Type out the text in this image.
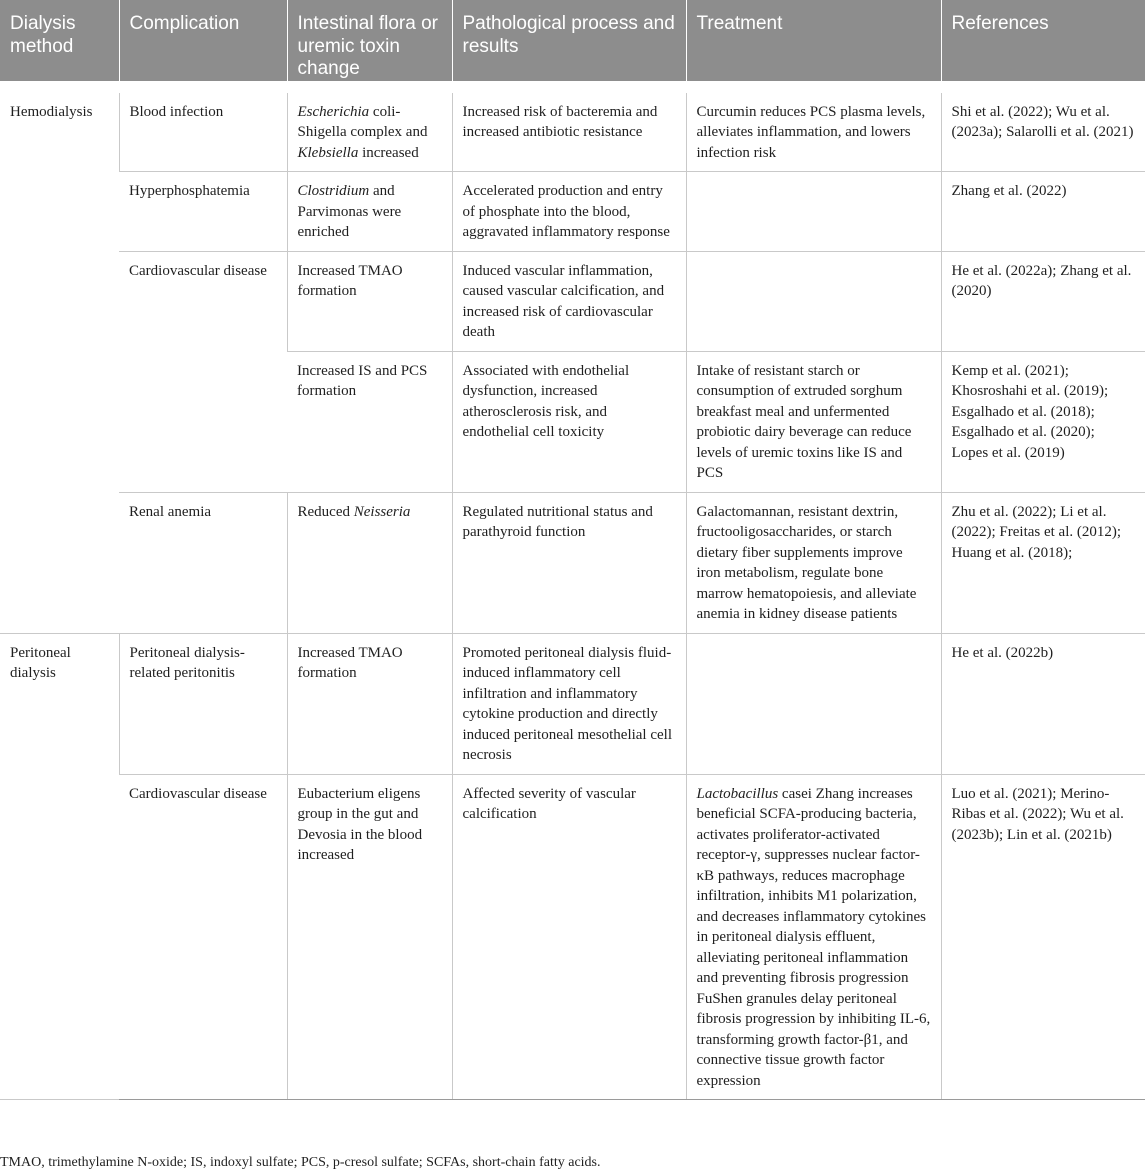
Dialysis method	Complication	Intestinal flora or uremic toxin change	Pathological process and results	Treatment	References

Hemodialysis	Blood infection	Escherichia coli-Shigella complex and Klebsiella increased	Increased risk of bacteremia and increased antibiotic resistance	Curcumin reduces PCS plasma levels, alleviates inflammation, and lowers infection risk	Shi et al. (2022); Wu et al. (2023a); Salarolli et al. (2021)
	Hyperphosphatemia	Clostridium and Parvimonas were enriched	Accelerated production and entry of phosphate into the blood, aggravated inflammatory response		Zhang et al. (2022)
	Cardiovascular disease	Increased TMAO formation	Induced vascular inflammation, caused vascular calcification, and increased risk of cardiovascular death		He et al. (2022a); Zhang et al. (2020)
		Increased IS and PCS formation	Associated with endothelial dysfunction, increased atherosclerosis risk, and endothelial cell toxicity	Intake of resistant starch or consumption of extruded sorghum breakfast meal and unfermented probiotic dairy beverage can reduce levels of uremic toxins like IS and PCS	Kemp et al. (2021); Khosroshahi et al. (2019); Esgalhado et al. (2018); Esgalhado et al. (2020); Lopes et al. (2019)
	Renal anemia	Reduced Neisseria	Regulated nutritional status and parathyroid function	Galactomannan, resistant dextrin, fructooligosaccharides, or starch dietary fiber supplements improve iron metabolism, regulate bone marrow hematopoiesis, and alleviate anemia in kidney disease patients	Zhu et al. (2022); Li et al. (2022); Freitas et al. (2012); Huang et al. (2018);
Peritoneal dialysis	Peritoneal dialysis-related peritonitis	Increased TMAO formation	Promoted peritoneal dialysis fluid-induced inflammatory cell infiltration and inflammatory cytokine production and directly induced peritoneal mesothelial cell necrosis		He et al. (2022b)
	Cardiovascular disease	Eubacterium eligens group in the gut and Devosia in the blood increased	Affected severity of vascular calcification	Lactobacillus casei Zhang increases beneficial SCFA-producing bacteria, activates proliferator-activated receptor-γ, suppresses nuclear factor-κB pathways, reduces macrophage infiltration, inhibits M1 polarization, and decreases inflammatory cytokines in peritoneal dialysis effluent, alleviating peritoneal inflammation and preventing fibrosis progression FuShen granules delay peritoneal fibrosis progression by inhibiting IL-6, transforming growth factor-β1, and connective tissue growth factor expression	Luo et al. (2021); Merino-Ribas et al. (2022); Wu et al. (2023b); Lin et al. (2021b)
TMAO, trimethylamine N-oxide; IS, indoxyl sulfate; PCS, p-cresol sulfate; SCFAs, short-chain fatty acids.
